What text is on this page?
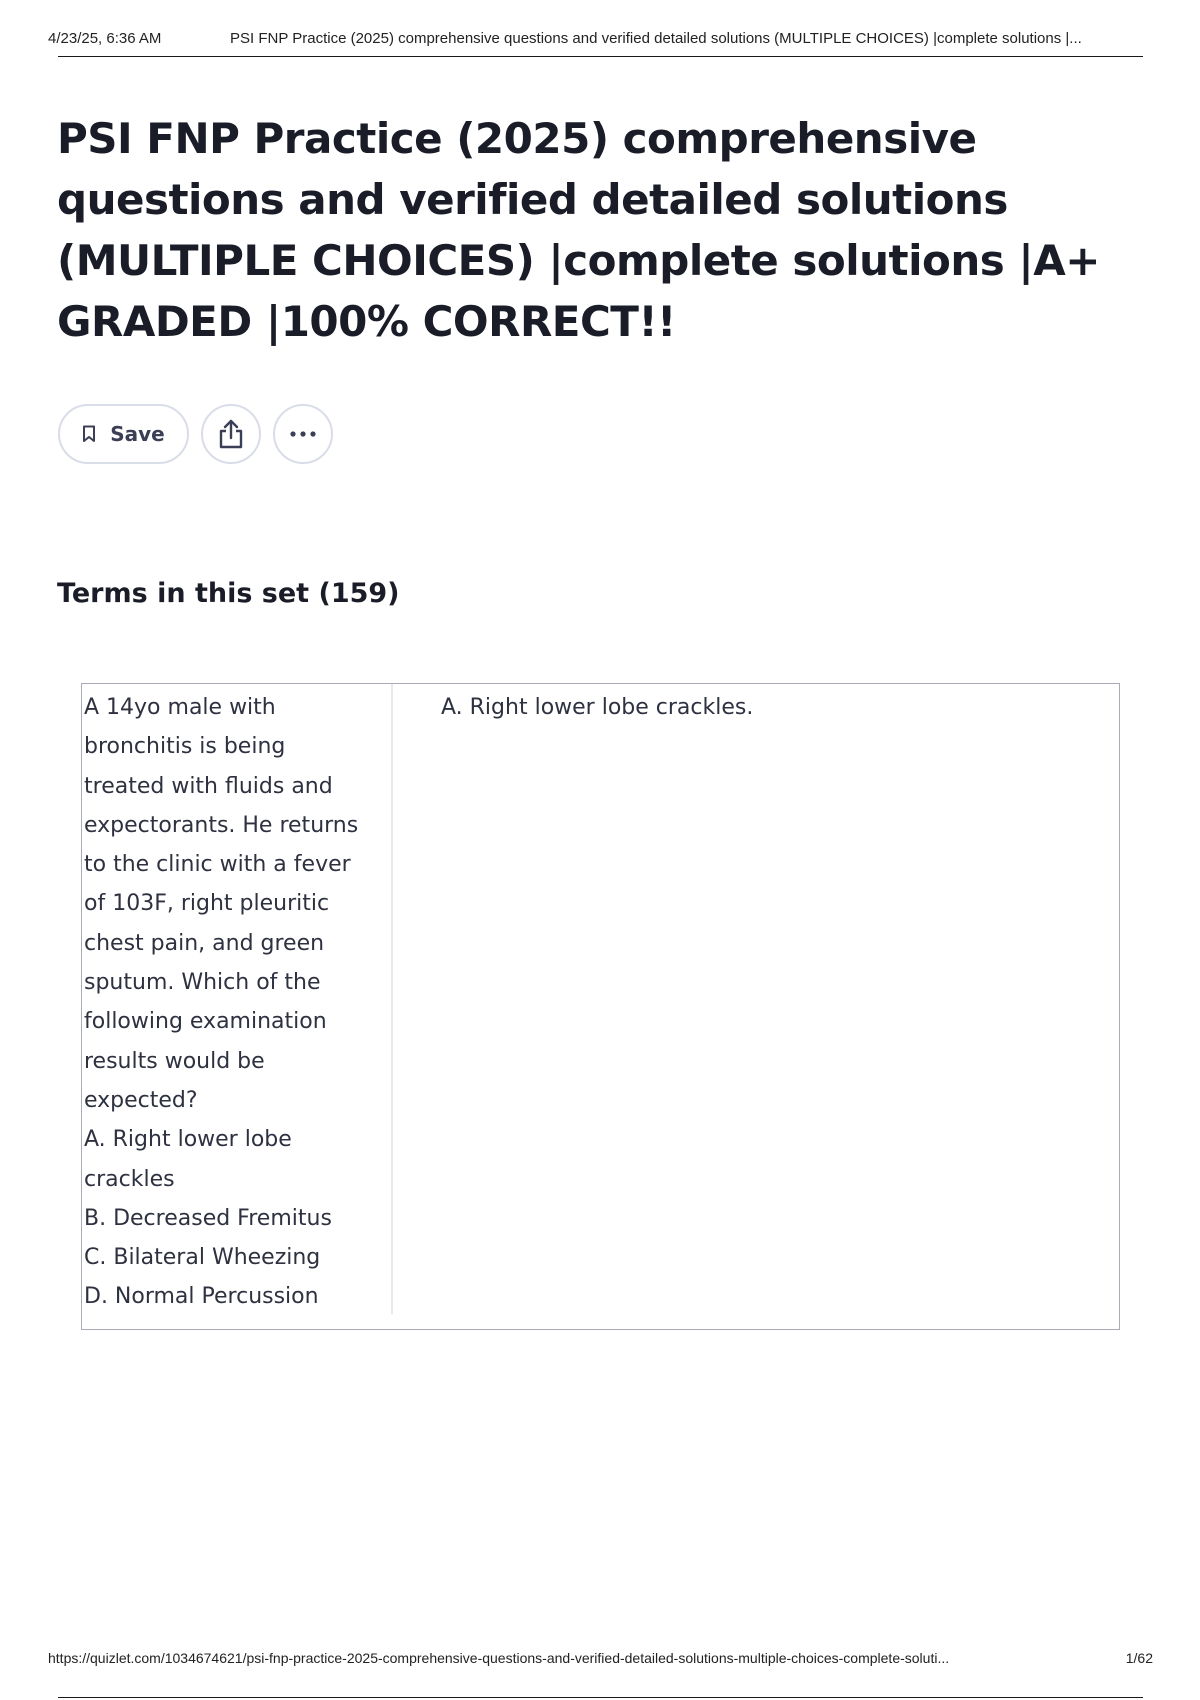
4/23/25, 6:36 AM	PSI FNP Practice (2025) comprehensive questions and verified detailed solutions (MULTIPLE CHOICES) |complete solutions |...
PSI FNP Practice (2025) comprehensive questions and verified detailed solutions (MULTIPLE CHOICES) |complete solutions |A+ GRADED |100% CORRECT!!
Save
Terms in this set (159)
A 14yo male with
bronchitis is being
treated with fluids and
expectorants. He returns
to the clinic with a fever
of 103F, right pleuritic
chest pain, and green
sputum. Which of the
following examination
results would be
expected?
A. Right lower lobe
crackles
B. Decreased Fremitus
C. Bilateral Wheezing
D. Normal Percussion
A. Right lower lobe crackles.
https://quizlet.com/1034674621/psi-fnp-practice-2025-comprehensive-questions-and-verified-detailed-solutions-multiple-choices-complete-soluti...	1/62
